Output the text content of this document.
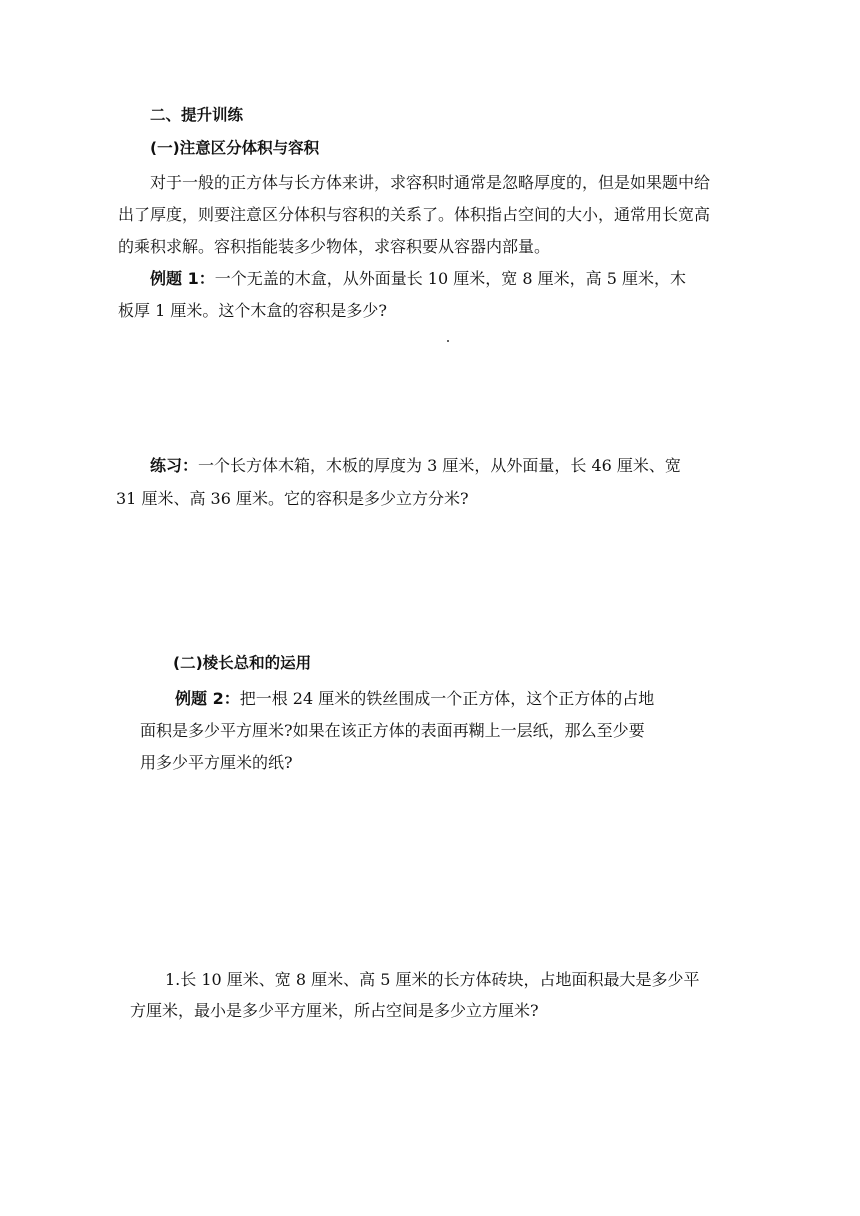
二、提升训练
(一)注意区分体积与容积
对于一般的正方体与长方体来讲，求容积时通常是忽略厚度的，但是如果题中给
出了厚度，则要注意区分体积与容积的关系了。体积指占空间的大小，通常用长宽高
的乘积求解。容积指能装多少物体，求容积要从容器内部量。
例题 1：一个无盖的木盒，从外面量长 10 厘米，宽 8 厘米，高 5 厘米，木
板厚 1 厘米。这个木盒的容积是多少?
练习：一个长方体木箱，木板的厚度为 3 厘米，从外面量，长 46 厘米、宽
31 厘米、高 36 厘米。它的容积是多少立方分米?
(二)棱长总和的运用
例题 2：把一根 24 厘米的铁丝围成一个正方体，这个正方体的占地
面积是多少平方厘米?如果在该正方体的表面再糊上一层纸，那么至少要
用多少平方厘米的纸?
1.长 10 厘米、宽 8 厘米、高 5 厘米的长方体砖块，占地面积最大是多少平
方厘米，最小是多少平方厘米，所占空间是多少立方厘米?
